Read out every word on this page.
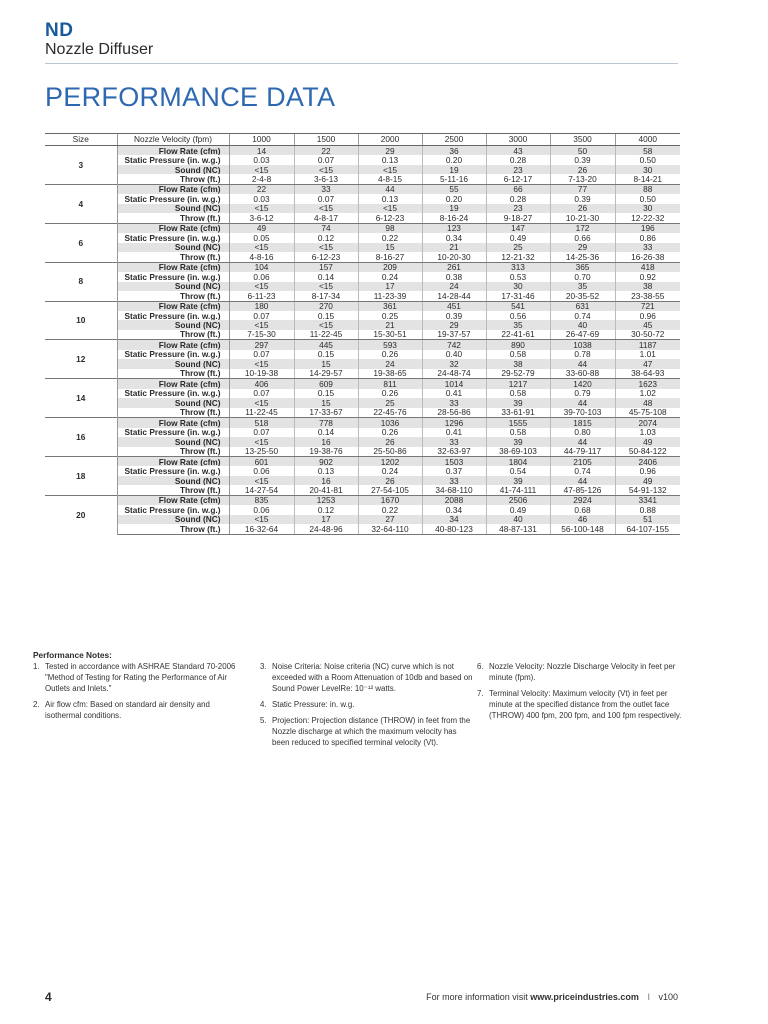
ND
Nozzle Diffuser
PERFORMANCE DATA
Size	Nozzle Velocity (fpm)	1000	1500	2000	2500	3000	3500	4000
3	Flow Rate (cfm)	14	22	29	36	43	50	58
	Static Pressure (in. w.g.)	0.03	0.07	0.13	0.20	0.28	0.39	0.50
	Sound (NC)	<15	<15	<15	19	23	26	30
	Throw (ft.)	2-4-8	3-6-13	4-8-15	5-11-16	6-12-17	7-13-20	8-14-21
4	Flow Rate (cfm)	22	33	44	55	66	77	88
	Static Pressure (in. w.g.)	0.03	0.07	0.13	0.20	0.28	0.39	0.50
	Sound (NC)	<15	<15	<15	19	23	26	30
	Throw (ft.)	3-6-12	4-8-17	6-12-23	8-16-24	9-18-27	10-21-30	12-22-32
6	Flow Rate (cfm)	49	74	98	123	147	172	196
	Static Pressure (in. w.g.)	0.05	0.12	0.22	0.34	0.49	0.66	0.86
	Sound (NC)	<15	<15	15	21	25	29	33
	Throw (ft.)	4-8-16	6-12-23	8-16-27	10-20-30	12-21-32	14-25-36	16-26-38
8	Flow Rate (cfm)	104	157	209	261	313	365	418
	Static Pressure (in. w.g.)	0.06	0.14	0.24	0.38	0.53	0.70	0.92
	Sound (NC)	<15	<15	17	24	30	35	38
	Throw (ft.)	6-11-23	8-17-34	11-23-39	14-28-44	17-31-46	20-35-52	23-38-55
10	Flow Rate (cfm)	180	270	361	451	541	631	721
	Static Pressure (in. w.g.)	0.07	0.15	0.25	0.39	0.56	0.74	0.96
	Sound (NC)	<15	<15	21	29	35	40	45
	Throw (ft.)	7-15-30	11-22-45	15-30-51	19-37-57	22-41-61	26-47-69	30-50-72
12	Flow Rate (cfm)	297	445	593	742	890	1038	1187
	Static Pressure (in. w.g.)	0.07	0.15	0.26	0.40	0.58	0.78	1.01
	Sound (NC)	<15	15	24	32	38	44	47
	Throw (ft.)	10-19-38	14-29-57	19-38-65	24-48-74	29-52-79	33-60-88	38-64-93
14	Flow Rate (cfm)	406	609	811	1014	1217	1420	1623
	Static Pressure (in. w.g.)	0.07	0.15	0.26	0.41	0.58	0.79	1.02
	Sound (NC)	<15	15	25	33	39	44	48
	Throw (ft.)	11-22-45	17-33-67	22-45-76	28-56-86	33-61-91	39-70-103	45-75-108
16	Flow Rate (cfm)	518	778	1036	1296	1555	1815	2074
	Static Pressure (in. w.g.)	0.07	0.14	0.26	0.41	0.58	0.80	1.03
	Sound (NC)	<15	16	26	33	39	44	49
	Throw (ft.)	13-25-50	19-38-76	25-50-86	32-63-97	38-69-103	44-79-117	50-84-122
18	Flow Rate (cfm)	601	902	1202	1503	1804	2105	2406
	Static Pressure (in. w.g.)	0.06	0.13	0.24	0.37	0.54	0.74	0.96
	Sound (NC)	<15	16	26	33	39	44	49
	Throw (ft.)	14-27-54	20-41-81	27-54-105	34-68-110	41-74-111	47-85-126	54-91-132
20	Flow Rate (cfm)	835	1253	1670	2088	2506	2924	3341
	Static Pressure (in. w.g.)	0.06	0.12	0.22	0.34	0.49	0.68	0.88
	Sound (NC)	<15	17	27	34	40	46	51
	Throw (ft.)	16-32-64	24-48-96	32-64-110	40-80-123	48-87-131	56-100-148	64-107-155
Performance Notes:
1. Tested in accordance with ASHRAE Standard 70-2006 "Method of Testing for Rating the Performance of Air Outlets and Inlets."
2. Air flow cfm: Based on standard air density and isothermal conditions.
3. Noise Criteria: Noise criteria (NC) curve which is not exceeded with a Room Attenuation of 10db and based on Sound Power LevelRe: 10⁻¹² watts.
4. Static Pressure: in. w.g.
5. Projection: Projection distance (THROW) in feet from the Nozzle discharge at which the maximum velocity has been reduced to specified terminal velocity (Vt).
6. Nozzle Velocity: Nozzle Discharge Velocity in feet per minute (fpm).
7. Terminal Velocity: Maximum velocity (Vt) in feet per minute at the specified distance from the outlet face (THROW) 400 fpm, 200 fpm, and 100 fpm respectively.
4	For more information visit www.priceindustries.com I v100
